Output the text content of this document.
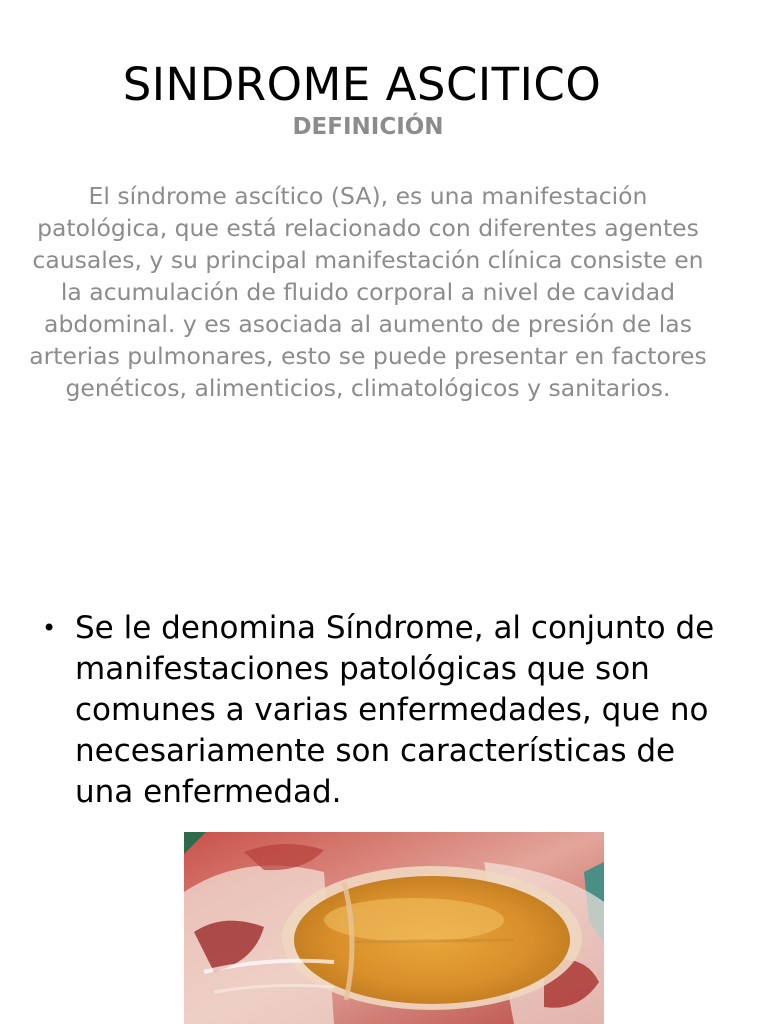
SINDROME ASCITICO
DEFINICIÓN

El síndrome ascítico (SA), es una manifestación patológica, que está relacionado con diferentes agentes causales, y su principal manifestación clínica consiste en la acumulación de fluido corporal a nivel de cavidad abdominal. y es asociada al aumento de presión de las arterias pulmonares, esto se puede presentar en factores genéticos, alimenticios, climatológicos y sanitarios.

• Se le denomina Síndrome, al conjunto de manifestaciones patológicas que son comunes a varias enfermedades, que no necesariamente son características de una enfermedad.
